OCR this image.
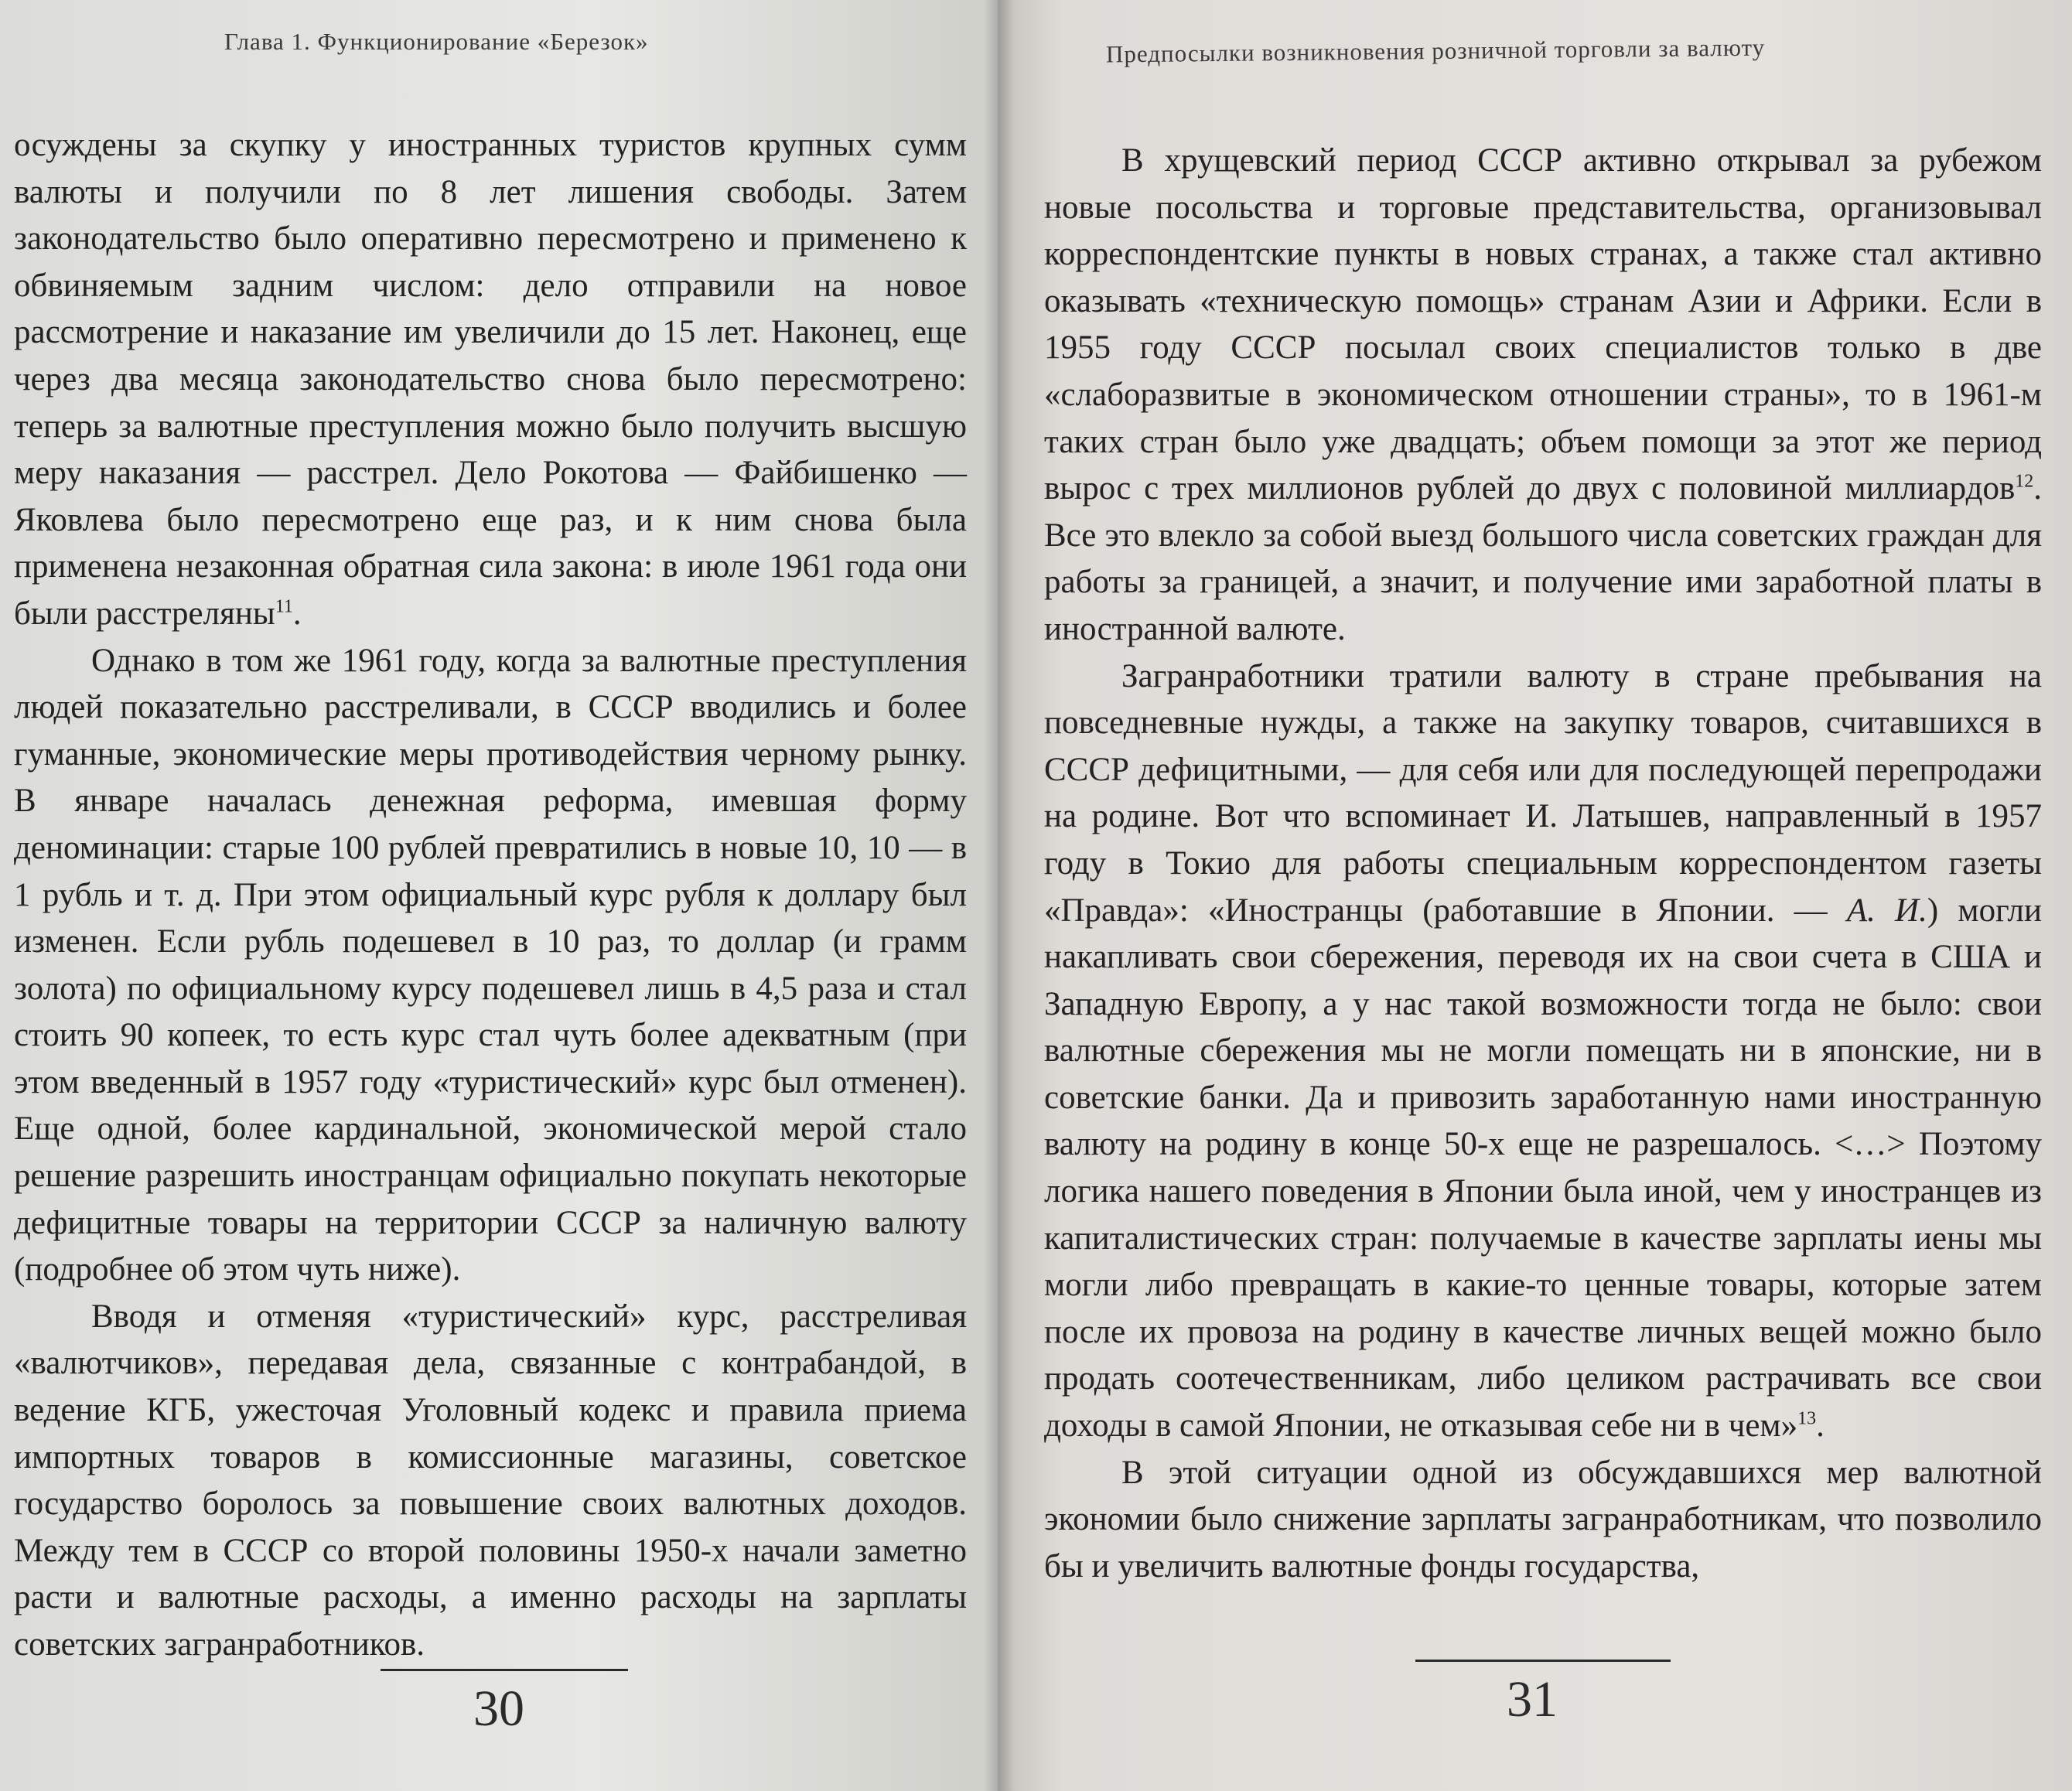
Глава 1. Функционирование «Березок»

осуждены за скупку у иностранных туристов крупных сумм валюты и получили по 8 лет лишения свободы. Затем законодательство было оперативно пересмотрено и применено к обвиняемым задним числом: дело отправили на новое рассмотрение и наказание им увеличили до 15 лет. Наконец, еще через два месяца законодательство снова было пересмотрено: теперь за валютные преступления можно было получить высшую меру наказания — расстрел. Дело Рокотова — Файбишенко — Яковлева было пересмотрено еще раз, и к ним снова была применена незаконная обратная сила закона: в июле 1961 года они были расстреляны$^{11}$.

Однако в том же 1961 году, когда за валютные преступления людей показательно расстреливали, в СССР вводились и более гуманные, экономические меры противодействия черному рынку. В январе началась денежная реформа, имевшая форму деноминации: старые 100 рублей превратились в новые 10, 10 — в 1 рубль и т. д. При этом официальный курс рубля к доллару был изменен. Если рубль подешевел в 10 раз, то доллар (и грамм золота) по официальному курсу подешевел лишь в 4,5 раза и стал стоить 90 копеек, то есть курс стал чуть более адекватным (при этом введенный в 1957 году «туристический» курс был отменен). Еще одной, более кардинальной, экономической мерой стало решение разрешить иностранцам официально покупать некоторые дефицитные товары на территории СССР за наличную валюту (подробнее об этом чуть ниже).

Вводя и отменяя «туристический» курс, расстреливая «валютчиков», передавая дела, связанные с контрабандой, в ведение КГБ, ужесточая Уголовный кодекс и правила приема импортных товаров в комиссионные магазины, советское государство боролось за повышение своих валютных доходов. Между тем в СССР со второй половины 1950-х начали заметно расти и валютные расходы, а именно расходы на зарплаты советских загранработников.

30
Предпосылки возникновения розничной торговли за валюту

В хрущевский период СССР активно открывал за рубежом новые посольства и торговые представительства, организовывал корреспондентские пункты в новых странах, а также стал активно оказывать «техническую помощь» странам Азии и Африки. Если в 1955 году СССР посылал своих специалистов только в две «слаборазвитые в экономическом отношении страны», то в 1961-м таких стран было уже двадцать; объем помощи за этот же период вырос с трех миллионов рублей до двух с половиной миллиардов$^{12}$. Все это влекло за собой выезд большого числа советских граждан для работы за границей, а значит, и получение ими заработной платы в иностранной валюте.

Загранработники тратили валюту в стране пребывания на повседневные нужды, а также на закупку товаров, считавшихся в СССР дефицитными, — для себя или для последующей перепродажи на родине. Вот что вспоминает И. Латышев, направленный в 1957 году в Токио для работы специальным корреспондентом газеты «Правда»: «Иностранцы (работавшие в Японии. — А. И.) могли накапливать свои сбережения, переводя их на свои счета в США и Западную Европу, а у нас такой возможности тогда не было: свои валютные сбережения мы не могли помещать ни в японские, ни в советские банки. Да и привозить заработанную нами иностранную валюту на родину в конце 50-х еще не разрешалось. <…> Поэтому логика нашего поведения в Японии была иной, чем у иностранцев из капиталистических стран: получаемые в качестве зарплаты иены мы могли либо превращать в какие-то ценные товары, которые затем после их провоза на родину в качестве личных вещей можно было продать соотечественникам, либо целиком растрачивать все свои доходы в самой Японии, не отказывая себе ни в чем»$^{13}$.

В этой ситуации одной из обсуждавшихся мер валютной экономии было снижение зарплаты загранработникам, что позволило бы и увеличить валютные фонды государства,

31
